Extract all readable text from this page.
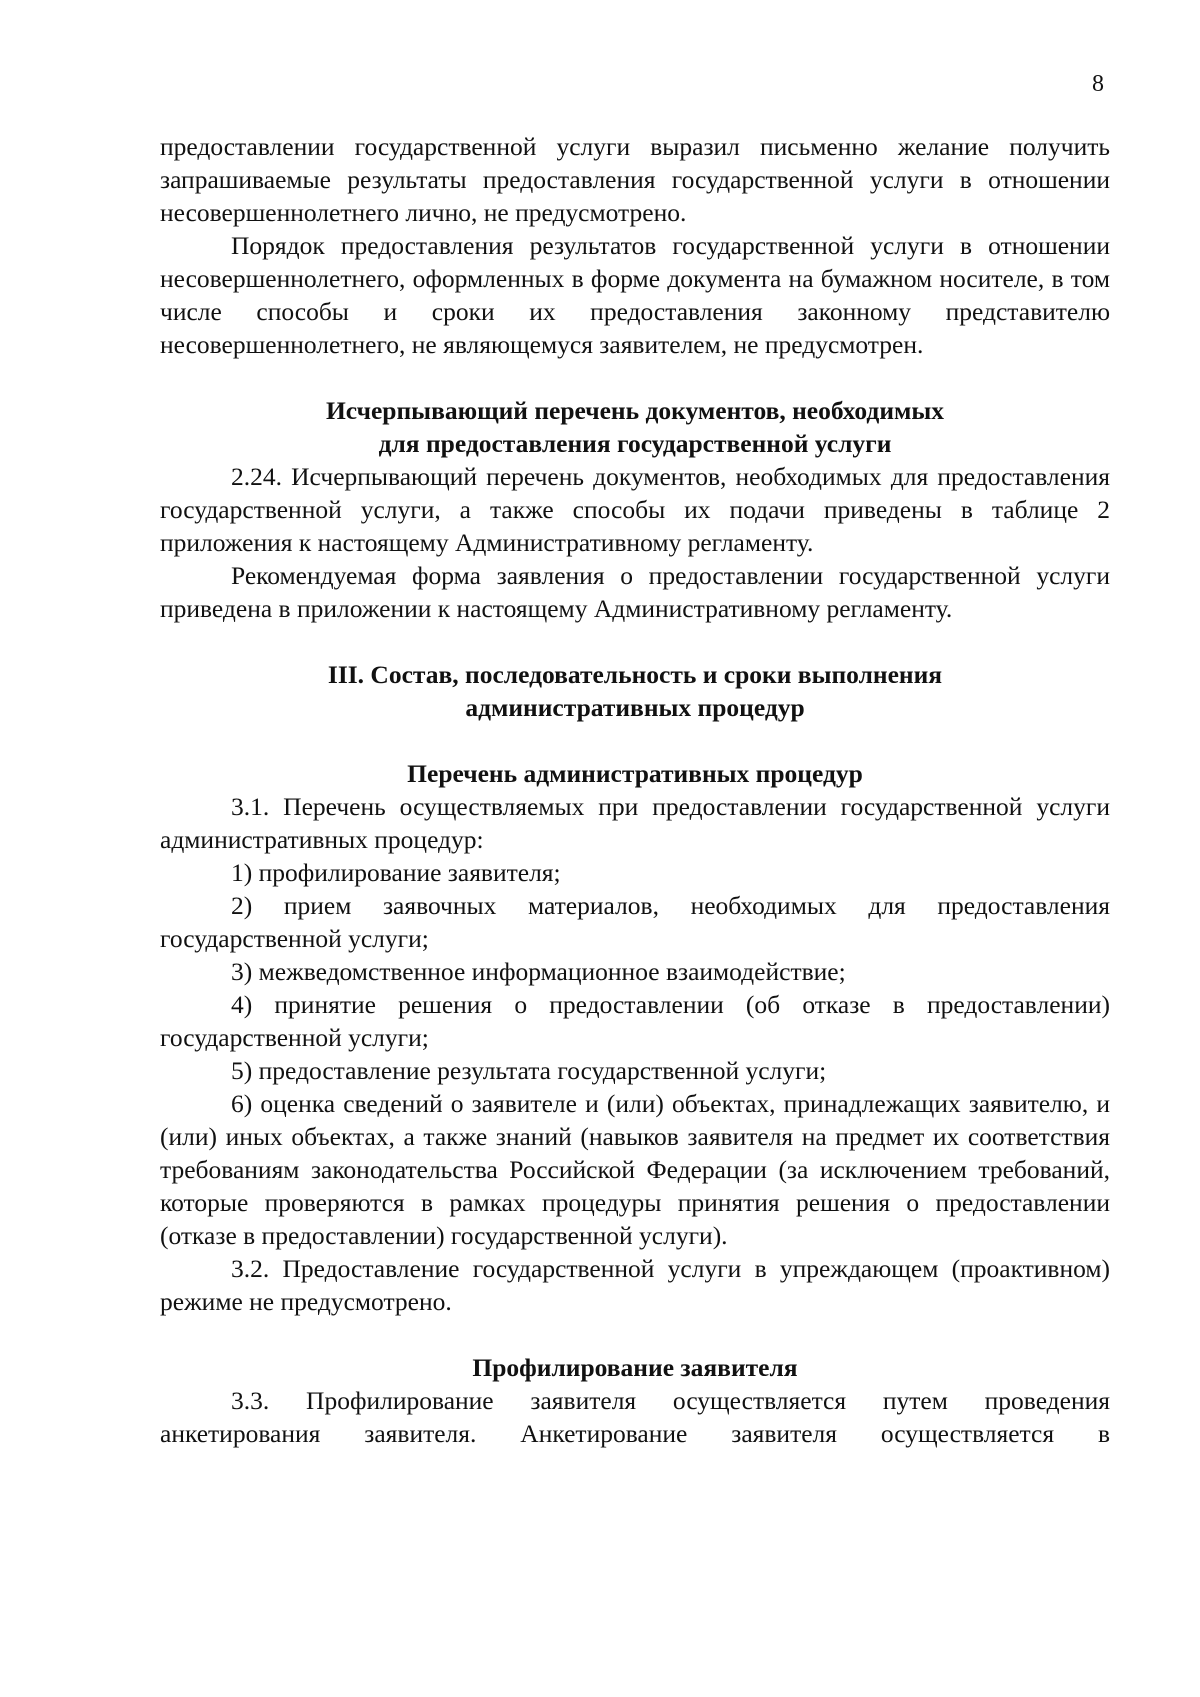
8

предоставлении государственной услуги выразил письменно желание получить запрашиваемые результаты предоставления государственной услуги в отношении несовершеннолетнего лично, не предусмотрено.

Порядок предоставления результатов государственной услуги в отношении несовершеннолетнего, оформленных в форме документа на бумажном носителе, в том числе способы и сроки их предоставления законному представителю несовершеннолетнего, не являющемуся заявителем, не предусмотрен.

Исчерпывающий перечень документов, необходимых

для предоставления государственной услуги

2.24. Исчерпывающий перечень документов, необходимых для предоставления государственной услуги, а также способы их подачи приведены в таблице 2 приложения к настоящему Административному регламенту.

Рекомендуемая форма заявления о предоставлении государственной услуги приведена в приложении к настоящему Административному регламенту.

III. Состав, последовательность и сроки выполнения

административных процедур

Перечень административных процедур

3.1. Перечень осуществляемых при предоставлении государственной услуги административных процедур:

1) профилирование заявителя;

2) прием заявочных материалов, необходимых для предоставления государственной услуги;

3) межведомственное информационное взаимодействие;

4) принятие решения о предоставлении (об отказе в предоставлении) государственной услуги;

5) предоставление результата государственной услуги;

6) оценка сведений о заявителе и (или) объектах, принадлежащих заявителю, и (или) иных объектах, а также знаний (навыков заявителя на предмет их соответствия требованиям законодательства Российской Федерации (за исключением требований, которые проверяются в рамках процедуры принятия решения о предоставлении (отказе в предоставлении) государственной услуги).

3.2. Предоставление государственной услуги в упреждающем (проактивном) режиме не предусмотрено.

Профилирование заявителя

3.3. Профилирование заявителя осуществляется путем проведения анкетирования заявителя. Анкетирование заявителя осуществляется в
